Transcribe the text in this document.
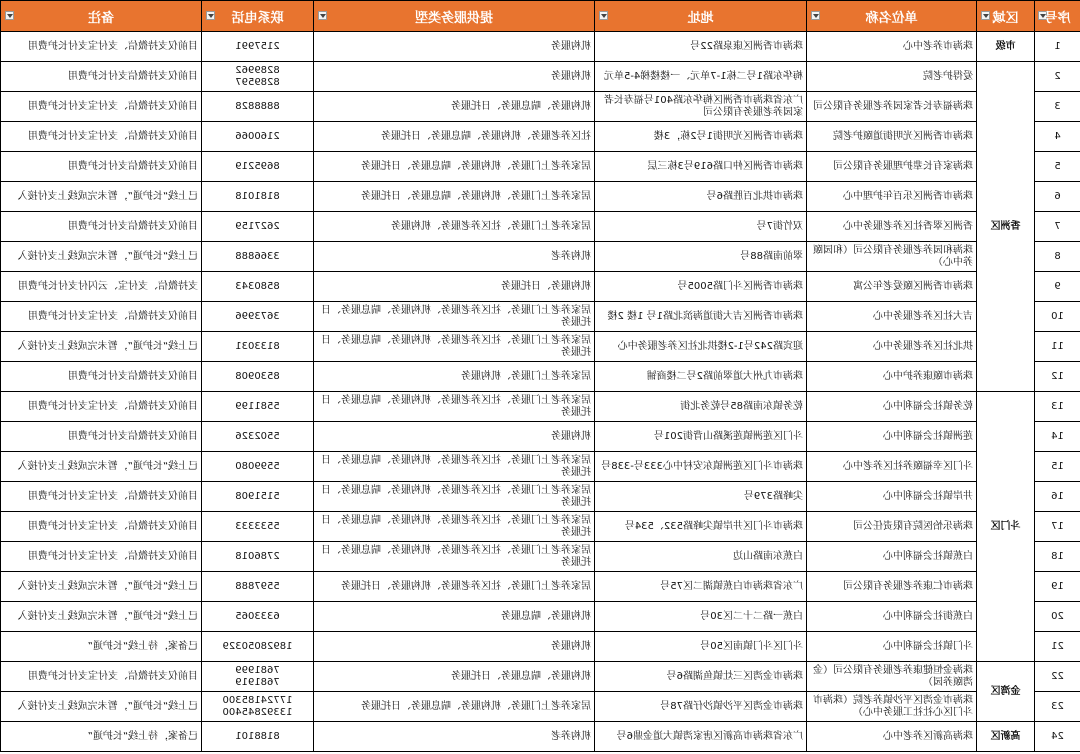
备注	联系电话	提供服务类型	地址	单位名称	区域	序号

目前仅支持微信、支付宝支付长护费用	2157991	机构服务	珠海市香洲区康泉路22号	珠海市养老中心	市级	1

目前仅支持微信支付长护费用	8289962
8289597	机构服务	梅华东路1号二栋1-7单元、一楼楼梯4-5单元	爱得护老院	香洲区	2

目前仅支持微信、支付宝支付长护费用	8888828	机构服务、喘息服务、日托服务	广东省珠海市香洲区梅华东路401号福寿长者家园养老服务有限公司	珠海福寿长者家园养老服务有限公司		3

目前仅支持微信、支付宝支付长护费用	2160066	社区养老服务、机构服务、喘息服务、日托服务	珠海市香洲区光明街1号2栋，3楼	珠海市香洲区光明街道颐护老院		4

目前仅支持微信支付长护费用	8695219	居家养老上门服务、机构服务、喘息服务、日托服务	珠海市香洲区仲口路619号3栋三层	珠海家有长辈护理服务有限公司		5

已上线“长护通”，暂未完成线上支付接入	8181018	居家养老上门服务、机构服务、喘息服务、日托服务	珠海市拱北百胜路6号	珠海市香洲区乐百年护理中心		6

目前仅支持微信支付长护费用	2627159	居家养老上门服务、社区养老服务、机构服务	双竹街7号	香洲区翠香社区养老服务中心		7

已上线“长护通”，暂未完成线上支付接入	3366888	机构养老	翠前南路88号	珠海和园养老服务有限公司（和园颐养中心）		8

支持微信、支付宝、云闪付支付长护费用	8580343	机构服务、日托服务	珠海市香洲区斗门路5005号	珠海市香洲区颐爱老年公寓		9

目前仅支持微信、支付宝支付长护费用	3673996	居家养老上门服务、社区养老服务、机构服务、喘息服务、日托服务	珠海市香洲区吉大街道海滨北路1号 1楼 2楼	吉大社区养老服务中心		10

已上线“长护通”，暂未完成线上支付接入	8133031	居家养老上门服务、社区养老服务、机构服务、喘息服务、日托服务	迎宾路242号1-2楼拱北社区养老服务中心	拱北社区养老服务中心		11

目前仅支持微信支付长护费用	8530908	居家养老上门服务、机构服务	珠海市九州大道翠前路2号二楼商铺	珠海市颐康养护中心		12

目前仅支持微信、支付宝支付长护费用	5581199	居家养老上门服务、社区养老服务、机构服务、喘息服务、日托服务	乾务镇东南路85号乾务北街	乾务镇社会福利中心	斗门区	13

目前仅支持微信支付长护费用	5502326	机构服务	斗门区莲洲镇莲溪路山背街201号	莲洲镇社会福利中心		14

已上线“长护通”，暂未完成线上支付接入	5599080	居家养老上门服务、社区养老服务、机构服务、喘息服务、日托服务	珠海市斗门区莲洲镇东安村中心333号-338号	斗门区幸福颐养社区养老中心		15

目前仅支持微信、支付宝支付长护费用	5151908	居家养老上门服务、社区养老服务、机构服务、喘息服务、日托服务	尖峰路379号	井岸镇社会福利中心		16

目前仅支持微信、支付宝支付长护费用	5533333	居家养老上门服务、社区养老服务、机构服务、喘息服务、日托服务	珠海市斗门区井岸镇尖峰路532、534号	珠海乐怡医院有限责任公司		17

目前仅支持微信、支付宝支付长护费用	2786018	居家养老上门服务、社区养老服务、机构服务、喘息服务、日托服务	白蕉东南路山边	白蕉镇社会福利中心		18

已上线“长护通”，暂未完成线上支付接入	5597888	居家养老上门服务、社区养老服务、机构服务、日托服务	广东省珠海市白蕉镇湖二区75号	珠海市仁康养老服务有限公司		19

已上线“长护通”，暂未完成线上支付接入	6333065	机构服务、喘息服务	白蕉一路二十二区30号	白蕉街社会福利中心		20

已备案，待上线“长护通”	18928050329	机构服务	斗门区斗门镇南区50号	斗门镇社会福利中心		21

目前仅支持微信、支付宝支付长护费用	7681999
7681919	机构服务、喘息服务、日托服务	珠海市金湾区三灶镇鱼湖路6号	珠海金恒健康养老服务有限公司（金湾颐养园）	金湾区	22

已上线“长护通”，暂未完成线上支付接入	17724185300
13392845400	居家养老上门服务、机构服务、喘息服务、日托服务	珠海市金湾区平沙镇沙仔路78号	珠海市金湾区平沙镇养老院（珠海市斗门区心社社工服务中心）		23

已备案，待上线“长护通”	8188101	机构养老	广东省珠海市高新区唐家湾镇大道金鼎6号	珠海高新区养老中心	高新区	24
